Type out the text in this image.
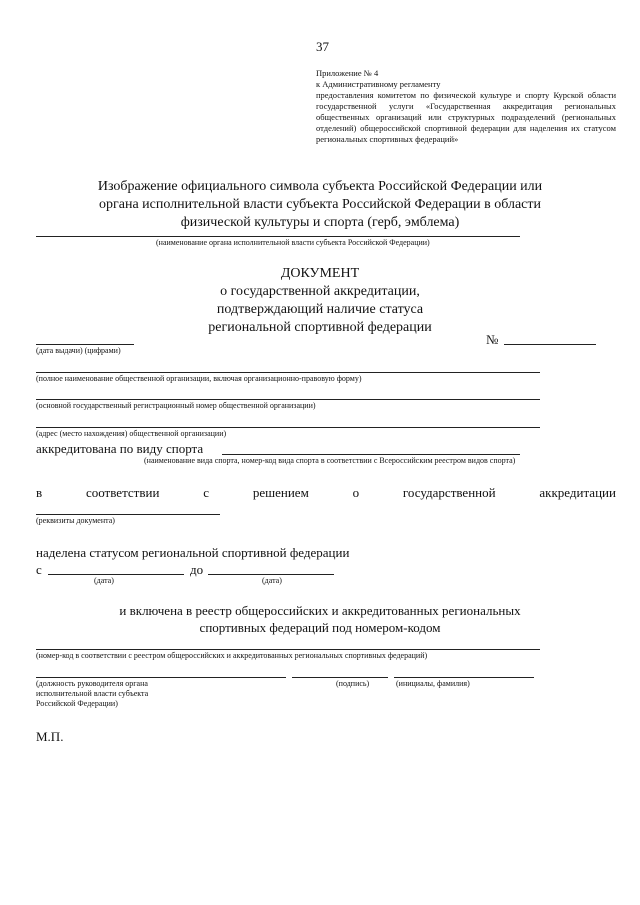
37
Приложение № 4
к Административному регламенту
предоставления комитетом по физической культуре и спорту Курской области государственной услуги «Государственная аккредитация региональных общественных организаций или структурных подразделений (региональных отделений) общероссийской спортивной федерации для наделения их статусом региональных спортивных федераций»
Изображение официального символа субъекта Российской Федерации или
органа исполнительной власти субъекта Российской Федерации в области
физической культуры и спорта (герб, эмблема)
(наименование органа исполнительной власти субъекта Российской Федерации)
ДОКУМЕНТ
о государственной аккредитации,
подтверждающий наличие статуса
региональной спортивной федерации
№
(дата выдачи) (цифрами)
(полное наименование общественной организации, включая организационно-правовую форму)
(основной государственный регистрационный номер общественной организации)
(адрес (место нахождения) общественной организации)
аккредитована по виду спорта
(наименование вида спорта, номер-код вида спорта в соответствии с Всероссийским реестром видов спорта)
в	соответствии	с	решением	о	государственной	аккредитации
(реквизиты документа)
наделена статусом региональной спортивной федерации
с	до
(дата)	(дата)
и включена в реестр общероссийских и аккредитованных региональных
спортивных федераций под номером-кодом
(номер-код в соответствии с реестром общероссийских и аккредитованных региональных спортивных федераций)
(должность руководителя органа исполнительной власти субъекта Российской Федерации)
(подпись)	(инициалы, фамилия)
М.П.
